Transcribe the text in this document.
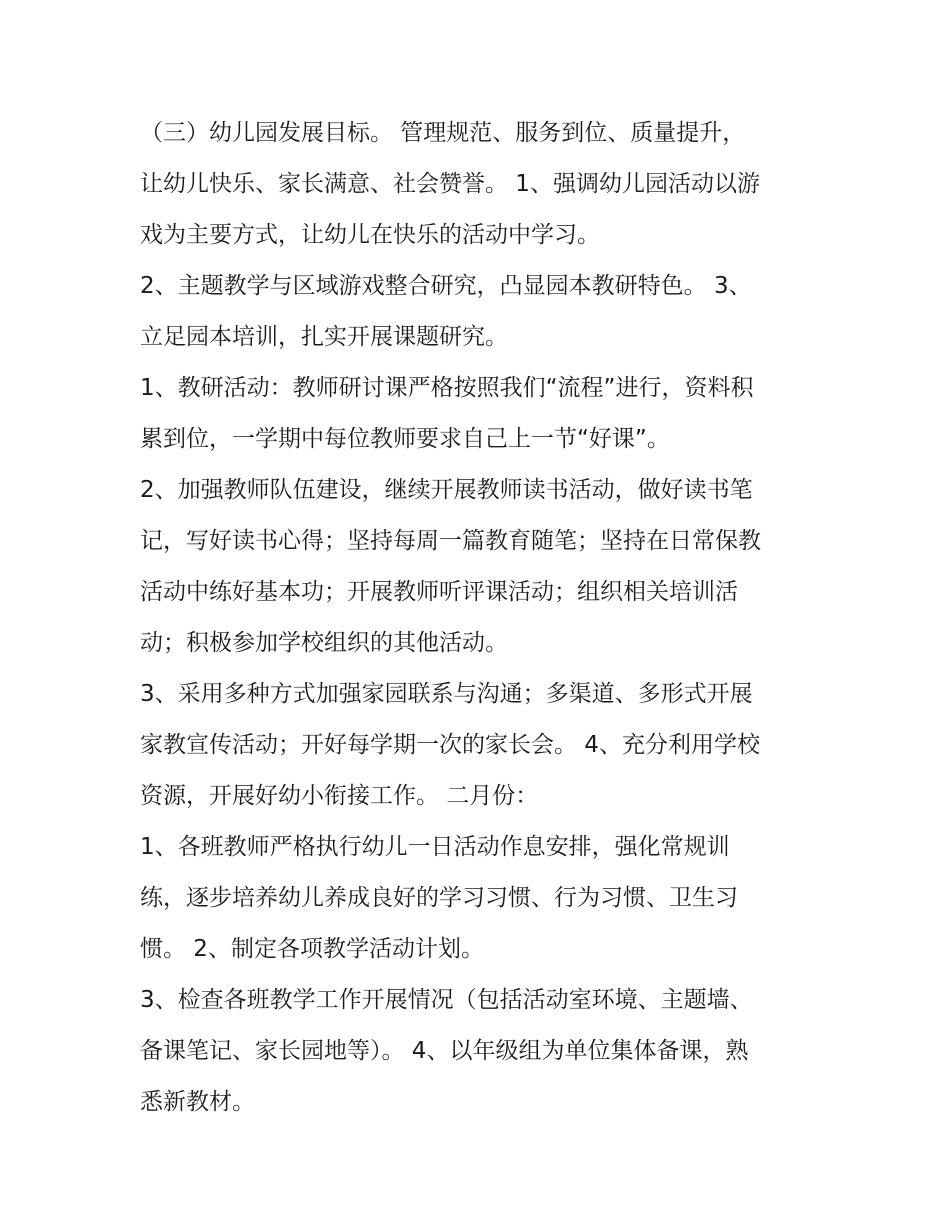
（三）幼儿园发展目标。 管理规范、服务到位、质量提升，
让幼儿快乐、家长满意、社会赞誉。 1、强调幼儿园活动以游
戏为主要方式，让幼儿在快乐的活动中学习。
2、主题教学与区域游戏整合研究，凸显园本教研特色。 3、
立足园本培训，扎实开展课题研究。
1、教研活动：教师研讨课严格按照我们“流程”进行，资料积
累到位，一学期中每位教师要求自己上一节“好课”。
2、加强教师队伍建设，继续开展教师读书活动，做好读书笔
记，写好读书心得；坚持每周一篇教育随笔；坚持在日常保教
活动中练好基本功；开展教师听评课活动；组织相关培训活
动；积极参加学校组织的其他活动。
3、采用多种方式加强家园联系与沟通；多渠道、多形式开展
家教宣传活动；开好每学期一次的家长会。 4、充分利用学校
资源，开展好幼小衔接工作。 二月份：
1、各班教师严格执行幼儿一日活动作息安排，强化常规训
练，逐步培养幼儿养成良好的学习习惯、行为习惯、卫生习
惯。 2、制定各项教学活动计划。
3、检查各班教学工作开展情况（包括活动室环境、主题墙、
备课笔记、家长园地等）。 4、以年级组为单位集体备课，熟
悉新教材。
